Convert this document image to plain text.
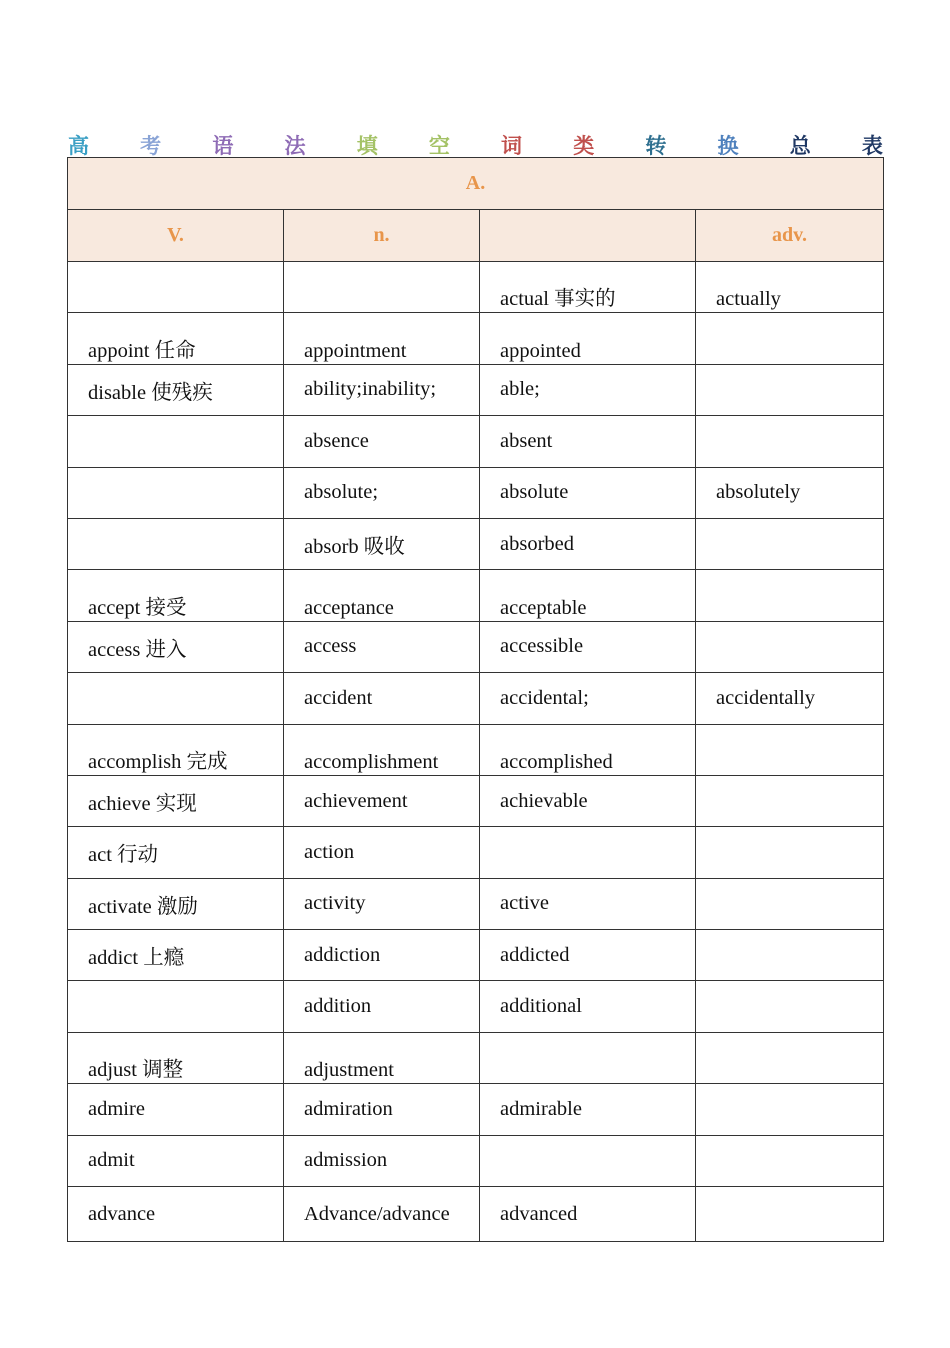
高 考 语 法 填 空 词 类 转 换 总 表
A.			
V.	n.		adv.
		actual 事实的	actually
appoint 任命	appointment	appointed	
disable 使残疾	ability;inability;	able;	
	absence	absent	
	absolute;	absolute	absolutely
	absorb 吸收	absorbed	
accept 接受	acceptance	acceptable	
access 进入	access	accessible	
	accident	accidental;	accidentally
accomplish 完成	accomplishment	accomplished	
achieve 实现	achievement	achievable	
act 行动	action		
activate 激励	activity	active	
addict 上瘾	addiction	addicted	
	addition	additional	
adjust 调整	adjustment		
admire	admiration	admirable	
admit	admission		
advance	Advance/advance	advanced	
